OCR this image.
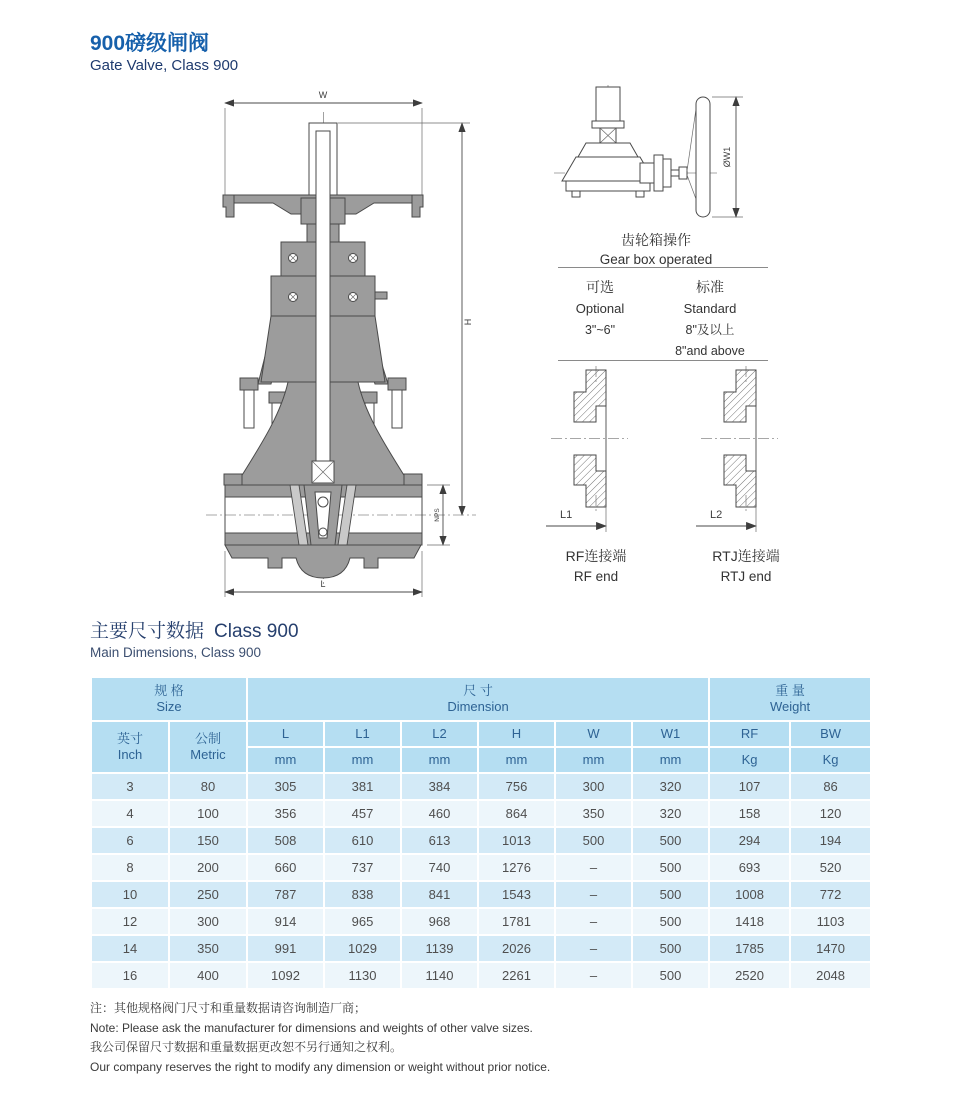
900磅级闸阀
Gate Valve, Class 900
W
H
NPS
L
ØW1
齿轮箱操作
Gear box operated
可选
Optional
3"~6"
标准
Standard
8"及以上
8"and above
L1	L2
RF连接端
RF end
RTJ连接端
RTJ end
主要尺寸数据 Class 900
Main Dimensions, Class 900
规 格
Size		尺 寸
Dimension						重 量
Weight	
英寸
Inch	公制
Metric	L	L1	L2	H	W	W1	RF	BW
		mm	mm	mm	mm	mm	mm	Kg	Kg
3	80	305	381	384	756	300	320	107	86
4	100	356	457	460	864	350	320	158	120
6	150	508	610	613	1013	500	500	294	194
8	200	660	737	740	1276	–	500	693	520
10	250	787	838	841	1543	–	500	1008	772
12	300	914	965	968	1781	–	500	1418	1103
14	350	991	1029	1139	2026	–	500	1785	1470
16	400	1092	1130	1140	2261	–	500	2520	2048
注：其他规格阀门尺寸和重量数据请咨询制造厂商；
Note: Please ask the manufacturer for dimensions and weights of other valve sizes.
我公司保留尺寸数据和重量数据更改恕不另行通知之权利。
Our company reserves the right to modify any dimension or weight without prior notice.
